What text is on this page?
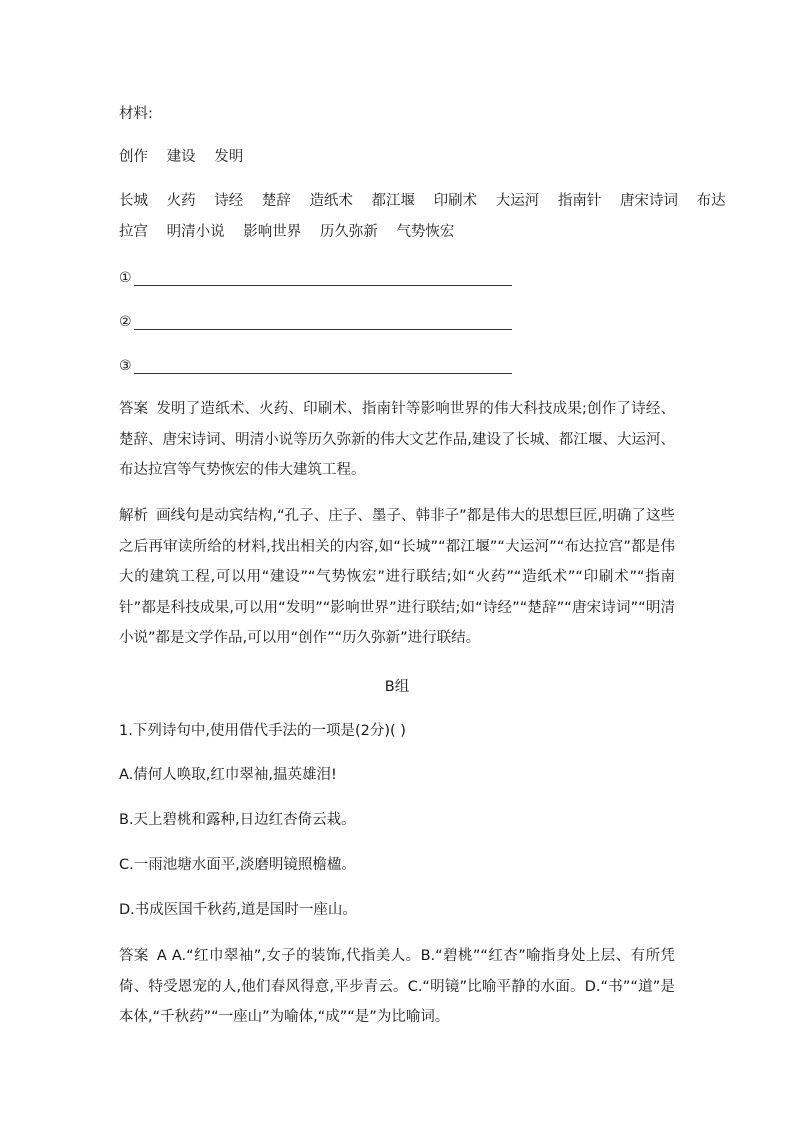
材料:
创作 建设 发明
长城 火药 诗经 楚辞 造纸术 都江堰 印刷术 大运河 指南针 唐宋诗词 布达
拉宫 明清小说 影响世界 历久弥新 气势恢宏
①
②
③
答案 发明了造纸术、火药、印刷术、指南针等影响世界的伟大科技成果;创作了诗经、楚辞、唐宋诗词、明清小说等历久弥新的伟大文艺作品,建设了长城、都江堰、大运河、布达拉宫等气势恢宏的伟大建筑工程。
解析 画线句是动宾结构,“孔子、庄子、墨子、韩非子”都是伟大的思想巨匠,明确了这些之后再审读所给的材料,找出相关的内容,如“长城”“都江堰”“大运河”“布达拉宫”都是伟大的建筑工程,可以用“建设”“气势恢宏”进行联结;如“火药”“造纸术”“印刷术”“指南针”都是科技成果,可以用“发明”“影响世界”进行联结;如“诗经”“楚辞”“唐宋诗词”“明清小说”都是文学作品,可以用“创作”“历久弥新”进行联结。
B组
1.下列诗句中,使用借代手法的一项是(2分)( )
A.倩何人唤取,红巾翠袖,揾英雄泪!
B.天上碧桃和露种,日边红杏倚云栽。
C.一雨池塘水面平,淡磨明镜照檐楹。
D.书成医国千秋药,道是国时一座山。
答案 A A.“红巾翠袖”,女子的装饰,代指美人。B.“碧桃”“红杏”喻指身处上层、有所凭倚、特受恩宠的人,他们春风得意,平步青云。C.“明镜”比喻平静的水面。D.“书”“道”是本体,“千秋药”“一座山”为喻体,“成”“是”为比喻词。
